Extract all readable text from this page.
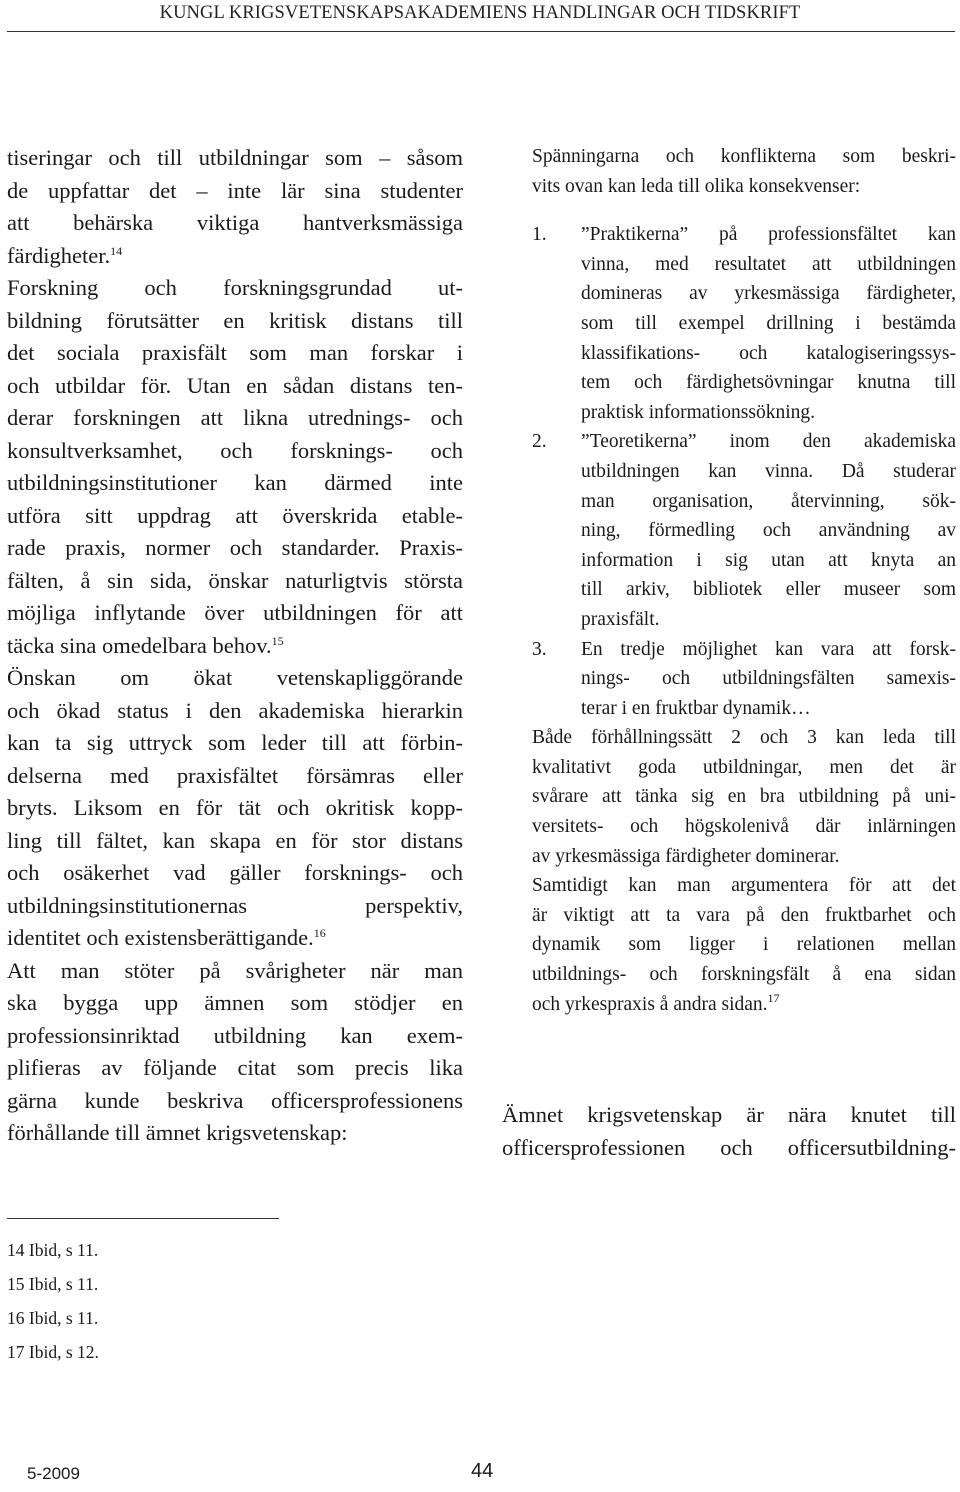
KUNGL KRIGSVETENSKAPSAKADEMIENS HANDLINGAR OCH TIDSKRIFT

tiseringar och till utbildningar som – såsom
de uppfattar det – inte lär sina studenter
att behärska viktiga hantverksmässiga
färdigheter.$^{14}$

Forskning och forskningsgrundad ut-
bildning förutsätter en kritisk distans till
det sociala praxisfält som man forskar i
och utbildar för. Utan en sådan distans ten-
derar forskningen att likna utrednings- och
konsultverksamhet, och forsknings- och
utbildningsinstitutioner kan därmed inte
utföra sitt uppdrag att överskrida etable-
rade praxis, normer och standarder. Praxis-
fälten, å sin sida, önskar naturligtvis största
möjliga inflytande över utbildningen för att
täcka sina omedelbara behov.$^{15}$

Önskan om ökat vetenskapliggörande
och ökad status i den akademiska hierarkin
kan ta sig uttryck som leder till att förbin-
delserna med praxisfältet försämras eller
bryts. Liksom en för tät och okritisk kopp-
ling till fältet, kan skapa en för stor distans
och osäkerhet vad gäller forsknings- och
utbildningsinstitutionernas perspektiv,
identitet och existensberättigande.$^{16}$

Att man stöter på svårigheter när man
ska bygga upp ämnen som stödjer en
professionsinriktad utbildning kan exem-
plifieras av följande citat som precis lika
gärna kunde beskriva officersprofessionens
förhållande till ämnet krigsvetenskap:

Spänningarna och konflikterna som beskri-
vits ovan kan leda till olika konsekvenser:

1. ”Praktikerna” på professionsfältet kan
vinna, med resultatet att utbildningen
domineras av yrkesmässiga färdigheter,
som till exempel drillning i bestämda
klassifikations- och katalogiseringssys-
tem och färdighetsövningar knutna till
praktisk informationssökning.
2. ”Teoretikerna” inom den akademiska
utbildningen kan vinna. Då studerar
man organisation, återvinning, sök-
ning, förmedling och användning av
information i sig utan att knyta an
till arkiv, bibliotek eller museer som
praxisfält.
3. En tredje möjlighet kan vara att forsk-
nings- och utbildningsfälten samexis-
terar i en fruktbar dynamik…

Både förhållningssätt 2 och 3 kan leda till
kvalitativt goda utbildningar, men det är
svårare att tänka sig en bra utbildning på uni-
versitets- och högskolenivå där inlärningen
av yrkesmässiga färdigheter dominerar.

Samtidigt kan man argumentera för att det
är viktigt att ta vara på den fruktbarhet och
dynamik som ligger i relationen mellan
utbildnings- och forskningsfält å ena sidan
och yrkespraxis å andra sidan.$^{17}$

Ämnet krigsvetenskap är nära knutet till
officersprofessionen och officersutbildning-
14 Ibid, s 11.
15 Ibid, s 11.
16 Ibid, s 11.
17 Ibid, s 12.
5-2009	44
